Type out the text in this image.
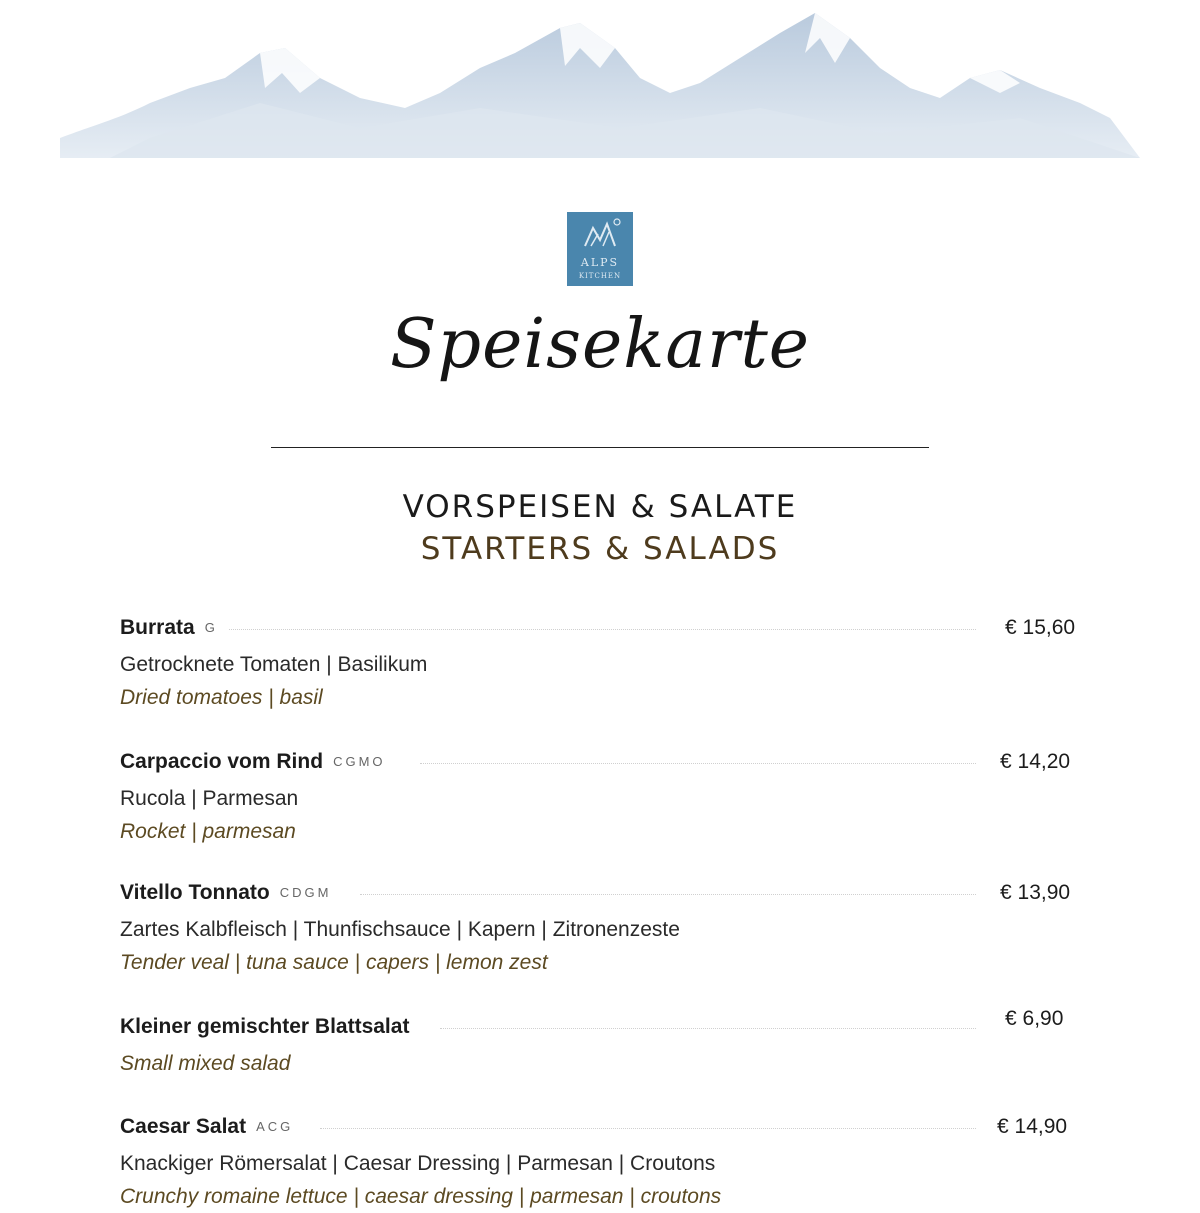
ALPS
KITCHEN
Speisekarte
VORSPEISEN & SALATE
STARTERS & SALADS
Burrata G	€ 15,60
Getrocknete Tomaten | Basilikum
Dried tomatoes | basil
Carpaccio vom Rind CGMO	€ 14,20
Rucola | Parmesan
Rocket | parmesan
Vitello Tonnato CDGM	€ 13,90
Zartes Kalbfleisch | Thunfischsauce | Kapern | Zitronenzeste
Tender veal | tuna sauce | capers | lemon zest
Kleiner gemischter Blattsalat	€ 6,90
Small mixed salad
Caesar Salat ACG	€ 14,90
Knackiger Römersalat | Caesar Dressing | Parmesan | Croutons
Crunchy romaine lettuce | caesar dressing | parmesan | croutons
